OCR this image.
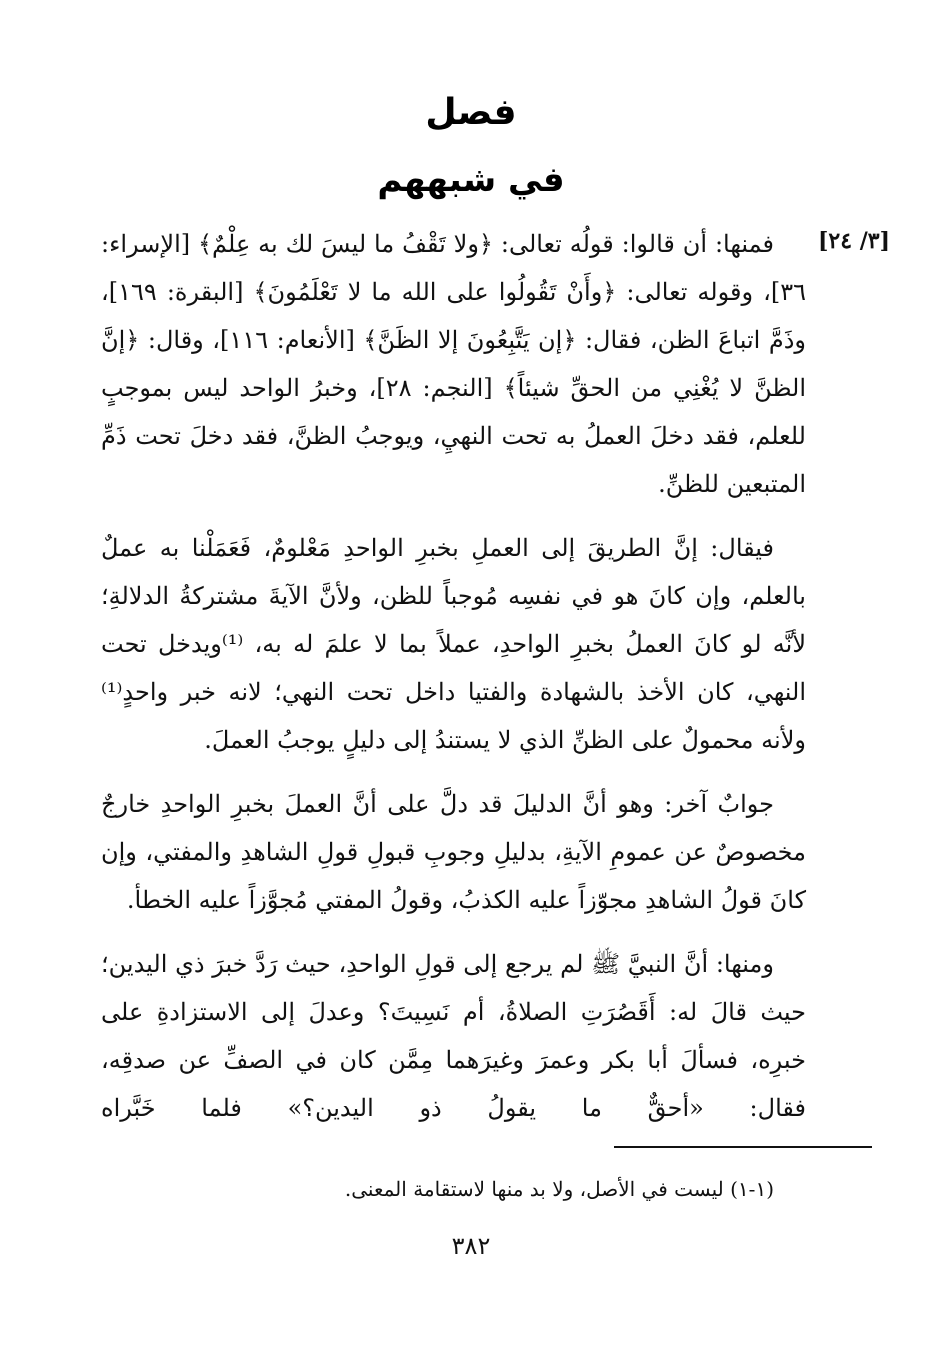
فصل
في شبههم
[٣/ ٢٤]

فمنها: أن قالوا: قولُه تعالى: ﴿ولا تَقْفُ ما ليسَ لك به عِلْمٌ﴾ [الإسراء: ٣٦]، وقوله تعالى: ﴿وأَنْ تَقُولُوا على الله ما لا تَعْلَمُونَ﴾ [البقرة: ١٦٩]، وذَمَّ اتباعَ الظن، فقال: ﴿إن يَتَّبِعُونَ إلا الظَنَّ﴾ [الأنعام: ١١٦]، وقال: ﴿إنَّ الظنَّ لا يُغْنِي من الحقِّ شيئاً﴾ [النجم: ٢٨]، وخبرُ الواحد ليس بموجبٍ للعلم، فقد دخلَ العملُ به تحت النهيِ، ويوجبُ الظنَّ، فقد دخلَ تحت ذَمِّ المتبعين للظنِّ.

فيقال: إنَّ الطريقَ إلى العملِ بخبرِ الواحدِ مَعْلومٌ، فَعَمَلْنا به عملٌ بالعلم، وإن كانَ هو في نفسِه مُوجباً للظن، ولأنَّ الآيةَ مشتركةُ الدلالةِ؛ لأنَّه لو كانَ العملُ بخبرِ الواحدِ، عملاً بما لا علمَ له به، ⁽¹⁾ويدخل تحت النهي، كان الأخذ بالشهادة والفتيا داخل تحت النهي؛ لانه خبر واحدٍ⁽¹⁾ ولأنه محمولٌ على الظنِّ الذي لا يستندُ إلى دليلٍ يوجبُ العملَ.

جوابٌ آخر: وهو أنَّ الدليلَ قد دلَّ على أنَّ العملَ بخبرِ الواحدِ خارجٌ مخصوصٌ عن عمومِ الآيةِ، بدليلِ وجوبِ قبولِ قولِ الشاهدِ والمفتي، وإن كانَ قولُ الشاهدِ مجوّزاً عليه الكذبُ، وقولُ المفتي مُجوَّزاً عليه الخطأ.

ومنها: أنَّ النبيَّ ﷺ لم يرجع إلى قولِ الواحدِ، حيث رَدَّ خبرَ ذي اليدين؛ حيث قالَ له: أَقَصُرَتِ الصلاةُ، أم نَسِيتَ؟ وعدلَ إلى الاستزادةِ على خبرِه، فسألَ أبا بكر وعمرَ وغيرَهما مِمَّن كان في الصفِّ عن صدقِه، فقال: «أحقٌّ ما يقولُ ذو اليدين؟» فلما خَبَّراه

(١-١) ليست في الأصل، ولا بد منها لاستقامة المعنى.
٣٨٢
